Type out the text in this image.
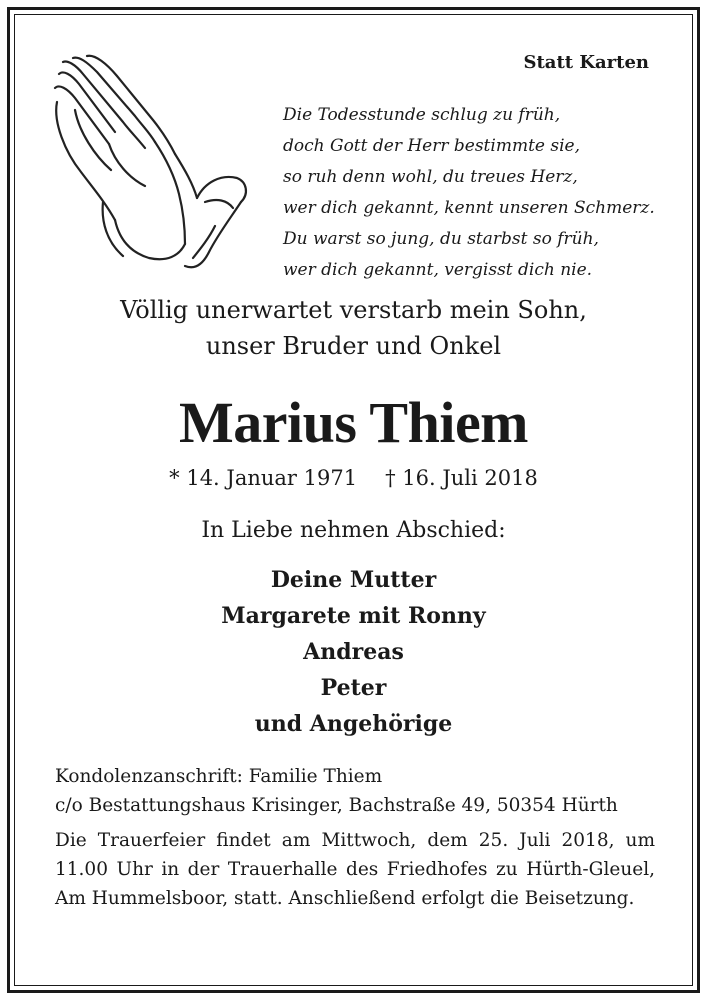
Statt Karten
Die Todesstunde schlug zu früh,
doch Gott der Herr bestimmte sie,
so ruh denn wohl, du treues Herz,
wer dich gekannt, kennt unseren Schmerz.
Du warst so jung, du starbst so früh,
wer dich gekannt, vergisst dich nie.
Völlig unerwartet verstarb mein Sohn,
unser Bruder und Onkel
Marius Thiem
* 14. Januar 1971 † 16. Juli 2018
In Liebe nehmen Abschied:
Deine Mutter
Margarete mit Ronny
Andreas
Peter
und Angehörige
Kondolenzanschrift: Familie Thiem
c/o Bestattungshaus Krisinger, Bachstraße 49, 50354 Hürth
Die Trauerfeier findet am Mittwoch, dem 25. Juli 2018, um 11.00 Uhr in der Trauerhalle des Friedhofes zu Hürth-Gleuel, Am Hummelsboor, statt. Anschließend erfolgt die Beisetzung.
